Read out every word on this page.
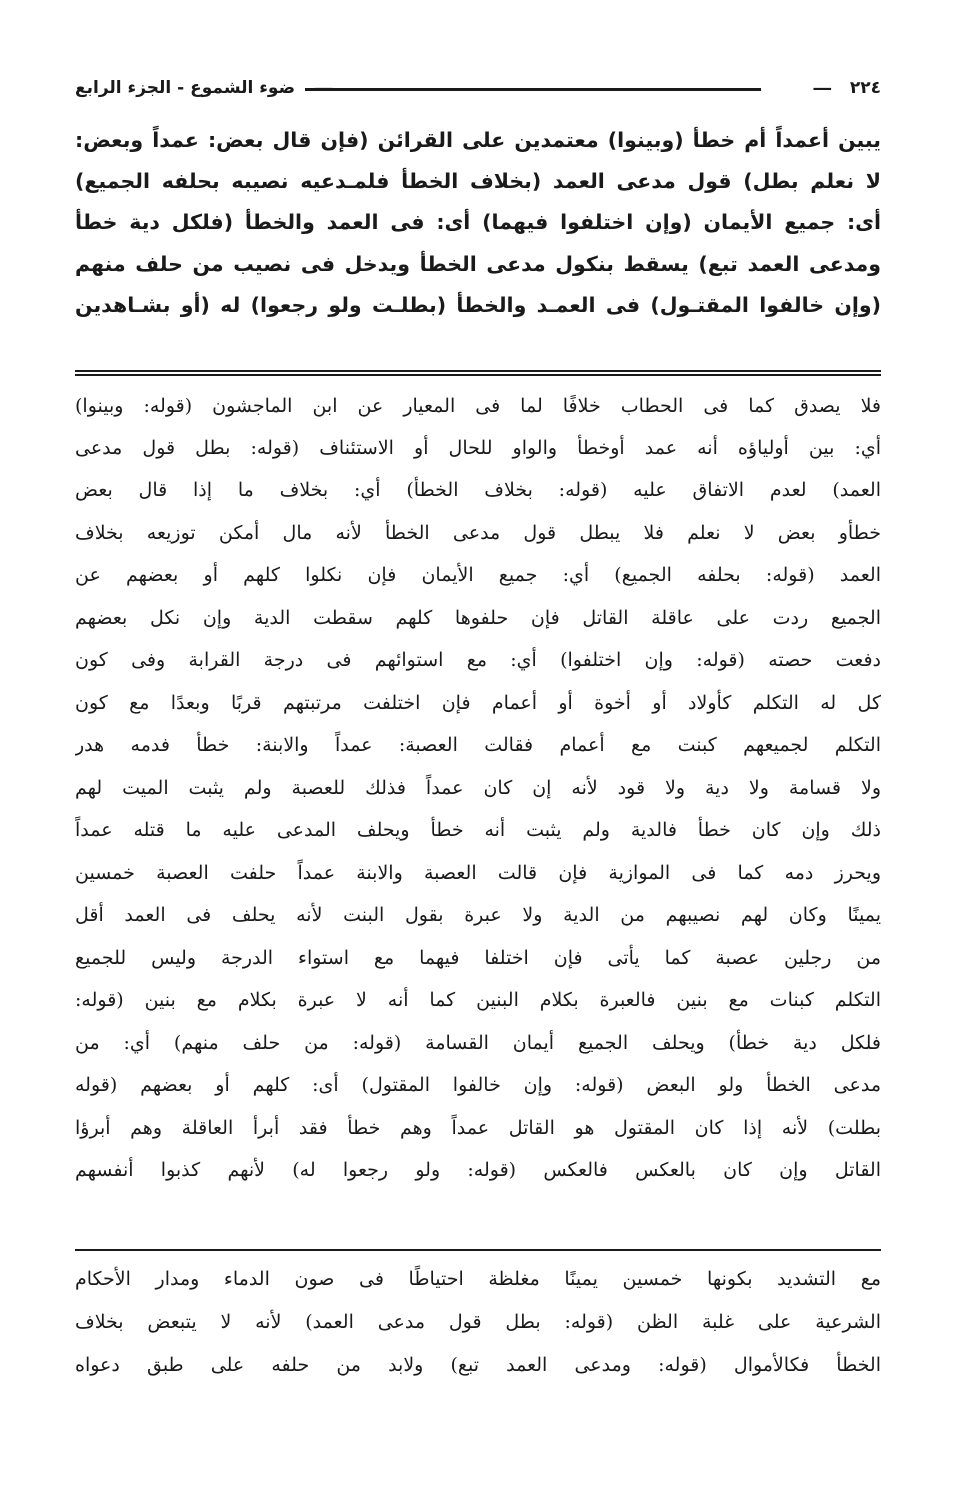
٢٢٤
ـــ
ـــ
ضوء الشموع - الجزء الرابع
يبين أعمداً أم خطأ (وبينوا) معتمدين على القرائن (فإن قال بعض: عمداً وبعض:
لا نعلم بطل) قول مدعى العمد (بخلاف الخطأ فلمـدعيه نصيبه بحلفه الجميع)
أى: جميع الأيمان (وإن اختلفوا فيهما) أى: فى العمد والخطأ (فلكل دية خطأ
ومدعى العمد تبع) يسقط بنكول مدعى الخطأ ويدخل فى نصيب من حلف منهم
(وإن خالفوا المقتـول) فى العمـد والخطأ (بطلـت ولو رجعوا) له (أو بشـاهدين
فلا يصدق كما فى الحطاب خلافًا لما فى المعيار عن ابن الماجشون (قوله: وبينوا)
أي: بين أولياؤه أنه عمد أوخطأ والواو للحال أو الاستئناف (قوله: بطل قول مدعى
العمد) لعدم الاتفاق عليه (قوله: بخلاف الخطأ) أي: بخلاف ما إذا قال بعض
خطأو بعض لا نعلم فلا يبطل قول مدعى الخطأ لأنه مال أمكن توزيعه بخلاف
العمد (قوله: بحلفه الجميع) أي: جميع الأيمان فإن نكلوا كلهم أو بعضهم عن
الجميع ردت على عاقلة القاتل فإن حلفوها كلهم سقطت الدية وإن نكل بعضهم
دفعت حصته (قوله: وإن اختلفوا) أي: مع استوائهم فى درجة القرابة وفى كون
كل له التكلم كأولاد أو أخوة أو أعمام فإن اختلفت مرتبتهم قربًا وبعدًا مع كون
التكلم لجميعهم كبنت مع أعمام فقالت العصبة: عمداً والابنة: خطأ فدمه هدر
ولا قسامة ولا دية ولا قود لأنه إن كان عمداً فذلك للعصبة ولم يثبت الميت لهم
ذلك وإن كان خطأ فالدية ولم يثبت أنه خطأ ويحلف المدعى عليه ما قتله عمداً
ويحرز دمه كما فى الموازية فإن قالت العصبة والابنة عمداً حلفت العصبة خمسين
يمينًا وكان لهم نصيبهم من الدية ولا عبرة بقول البنت لأنه يحلف فى العمد أقل
من رجلين عصبة كما يأتى فإن اختلفا فيهما مع استواء الدرجة وليس للجميع
التكلم كبنات مع بنين فالعبرة بكلام البنين كما أنه لا عبرة بكلام مع بنين (قوله:
فلكل دية خطأ) ويحلف الجميع أيمان القسامة (قوله: من حلف منهم) أي: من
مدعى الخطأ ولو البعض (قوله: وإن خالفوا المقتول) أى: كلهم أو بعضهم (قوله
بطلت) لأنه إذا كان المقتول هو القاتل عمداً وهم خطأ فقد أبرأ العاقلة وهم أبرؤا
القاتل وإن كان بالعكس فالعكس (قوله: ولو رجعوا له) لأنهم كذبوا أنفسهم
مع التشديد بكونها خمسين يمينًا مغلظة احتياطًا فى صون الدماء ومدار الأحكام
الشرعية على غلبة الظن (قوله: بطل قول مدعى العمد) لأنه لا يتبعض بخلاف
الخطأ فكالأموال (قوله: ومدعى العمد تبع) ولابد من حلفه على طبق دعواه
